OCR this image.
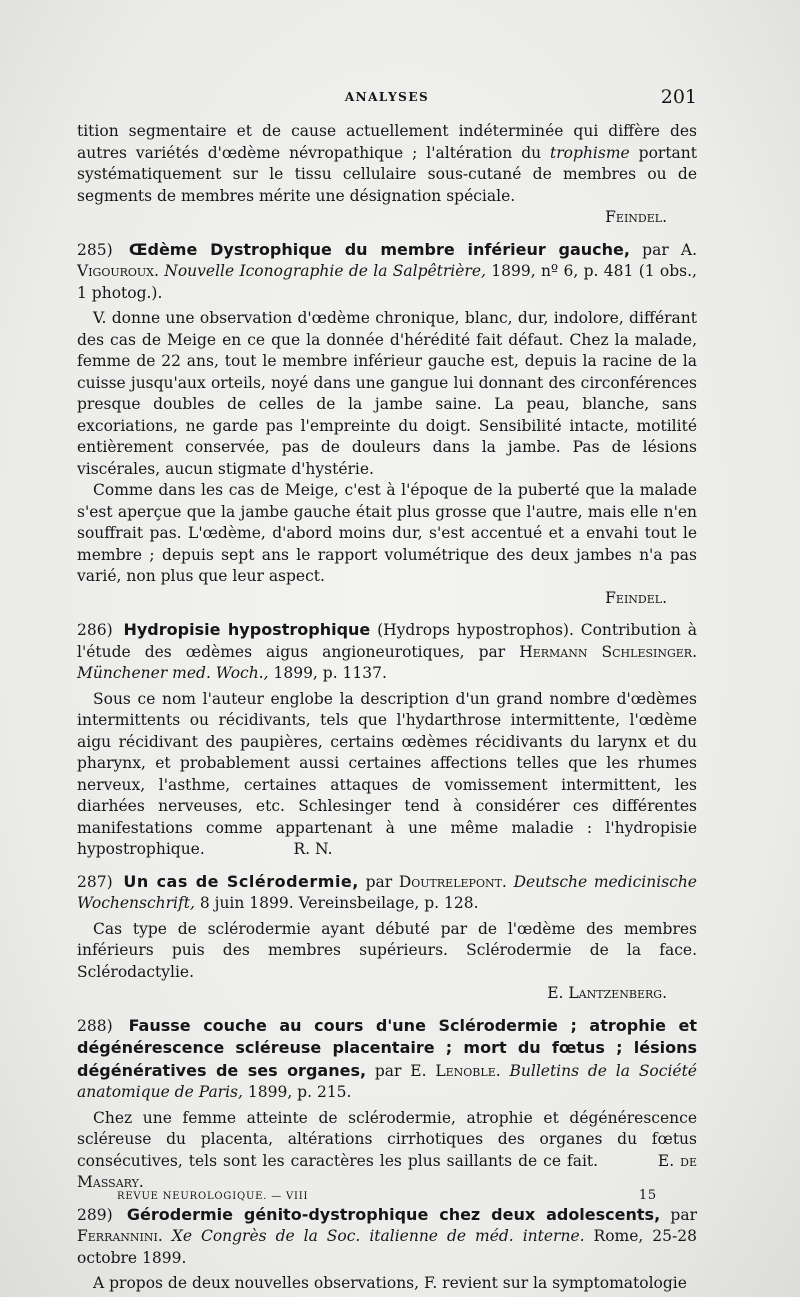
ANALYSES	201

tition segmentaire et de cause actuellement indéterminée qui diffère des autres variétés d'œdème névropathique ; l'altération du trophisme portant systématiquement sur le tissu cellulaire sous-cutané de membres ou de segments de membres mérite une désignation spéciale.

Feindel.

285) Œdème Dystrophique du membre inférieur gauche, par A. Vigouroux. Nouvelle Iconographie de la Salpêtrière, 1899, nº 6, p. 481 (1 obs., 1 photog.).

V. donne une observation d'œdème chronique, blanc, dur, indolore, différant des cas de Meige en ce que la donnée d'hérédité fait défaut. Chez la malade, femme de 22 ans, tout le membre inférieur gauche est, depuis la racine de la cuisse jusqu'aux orteils, noyé dans une gangue lui donnant des circonférences presque doubles de celles de la jambe saine. La peau, blanche, sans excoriations, ne garde pas l'empreinte du doigt. Sensibilité intacte, motilité entièrement conservée, pas de douleurs dans la jambe. Pas de lésions viscérales, aucun stigmate d'hystérie.

Comme dans les cas de Meige, c'est à l'époque de la puberté que la malade s'est aperçue que la jambe gauche était plus grosse que l'autre, mais elle n'en souffrait pas. L'œdème, d'abord moins dur, s'est accentué et a envahi tout le membre ; depuis sept ans le rapport volumétrique des deux jambes n'a pas varié, non plus que leur aspect.

Feindel.

286) Hydropisie hypostrophique (Hydrops hypostrophos). Contribution à l'étude des œdèmes aigus angioneurotiques, par Hermann Schlesinger. Münchener med. Woch., 1899, p. 1137.

Sous ce nom l'auteur englobe la description d'un grand nombre d'œdèmes intermittents ou récidivants, tels que l'hydarthrose intermittente, l'œdème aigu récidivant des paupières, certains œdèmes récidivants du larynx et du pharynx, et probablement aussi certaines affections telles que les rhumes nerveux, l'asthme, certaines attaques de vomissement intermittent, les diarhées nerveuses, etc. Schlesinger tend à considérer ces différentes manifestations comme appartenant à une même maladie : l'hydropisie hypostrophique.	R. N.

287) Un cas de Sclérodermie, par Doutrelepont. Deutsche medicinische Wochenschrift, 8 juin 1899. Vereinsbeilage, p. 128.

Cas type de sclérodermie ayant débuté par de l'œdème des membres inférieurs puis des membres supérieurs. Sclérodermie de la face. Sclérodactylie.

E. Lantzenberg.

288) Fausse couche au cours d'une Sclérodermie ; atrophie et dégénérescence scléreuse placentaire ; mort du fœtus ; lésions dégénératives de ses organes, par E. Lenoble. Bulletins de la Société anatomique de Paris, 1899, p. 215.

Chez une femme atteinte de sclérodermie, atrophie et dégénérescence scléreuse du placenta, altérations cirrhotiques des organes du fœtus consécutives, tels sont les caractères les plus saillants de ce fait.	E. de Massary.

289) Gérodermie génito-dystrophique chez deux adolescents, par Ferrannini. Xe Congrès de la Soc. italienne de méd. interne. Rome, 25-28 octobre 1899.

A propos de deux nouvelles observations, F. revient sur la symptomatologie

REVUE NEUROLOGIQUE. — VIII	15
